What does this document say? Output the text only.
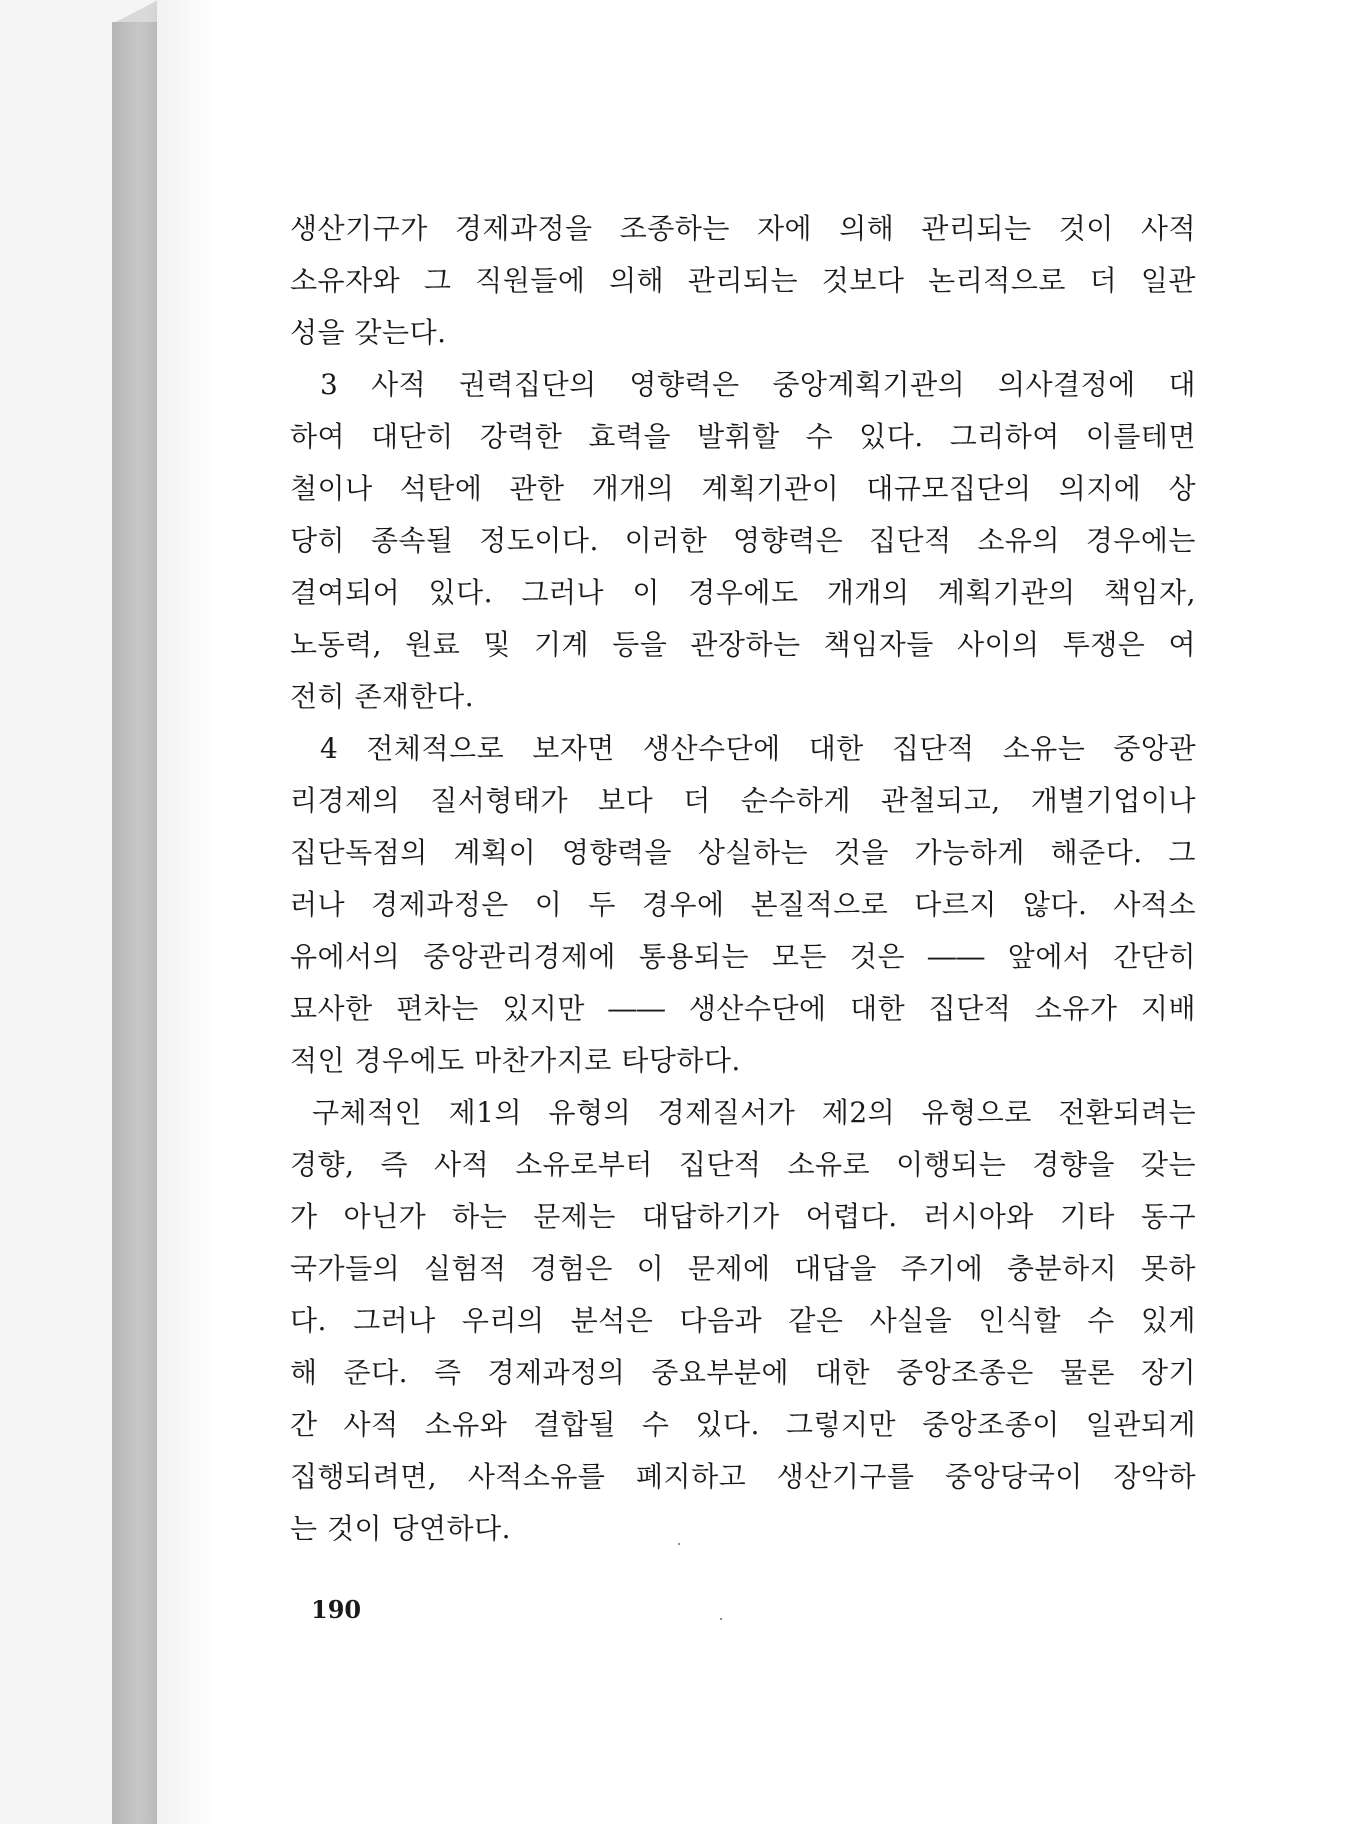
생산기구가 경제과정을 조종하는 자에 의해 관리되는 것이 사적
소유자와 그 직원들에 의해 관리되는 것보다 논리적으로 더 일관
성을 갖는다.
3 사적 권력집단의 영향력은 중앙계획기관의 의사결정에 대
하여 대단히 강력한 효력을 발휘할 수 있다. 그리하여 이를테면
철이나 석탄에 관한 개개의 계획기관이 대규모집단의 의지에 상
당히 종속될 정도이다. 이러한 영향력은 집단적 소유의 경우에는
결여되어 있다. 그러나 이 경우에도 개개의 계획기관의 책임자,
노동력, 원료 및 기계 등을 관장하는 책임자들 사이의 투쟁은 여
전히 존재한다.
4 전체적으로 보자면 생산수단에 대한 집단적 소유는 중앙관
리경제의 질서형태가 보다 더 순수하게 관철되고, 개별기업이나
집단독점의 계획이 영향력을 상실하는 것을 가능하게 해준다. 그
러나 경제과정은 이 두 경우에 본질적으로 다르지 않다. 사적소
유에서의 중앙관리경제에 통용되는 모든 것은 ―― 앞에서 간단히
묘사한 편차는 있지만 ―― 생산수단에 대한 집단적 소유가 지배
적인 경우에도 마찬가지로 타당하다.
구체적인 제1의 유형의 경제질서가 제2의 유형으로 전환되려는
경향, 즉 사적 소유로부터 집단적 소유로 이행되는 경향을 갖는
가 아닌가 하는 문제는 대답하기가 어렵다. 러시아와 기타 동구
국가들의 실험적 경험은 이 문제에 대답을 주기에 충분하지 못하
다. 그러나 우리의 분석은 다음과 같은 사실을 인식할 수 있게
해 준다. 즉 경제과정의 중요부분에 대한 중앙조종은 물론 장기
간 사적 소유와 결합될 수 있다. 그렇지만 중앙조종이 일관되게
집행되려면, 사적소유를 폐지하고 생산기구를 중앙당국이 장악하
는 것이 당연하다.
190
